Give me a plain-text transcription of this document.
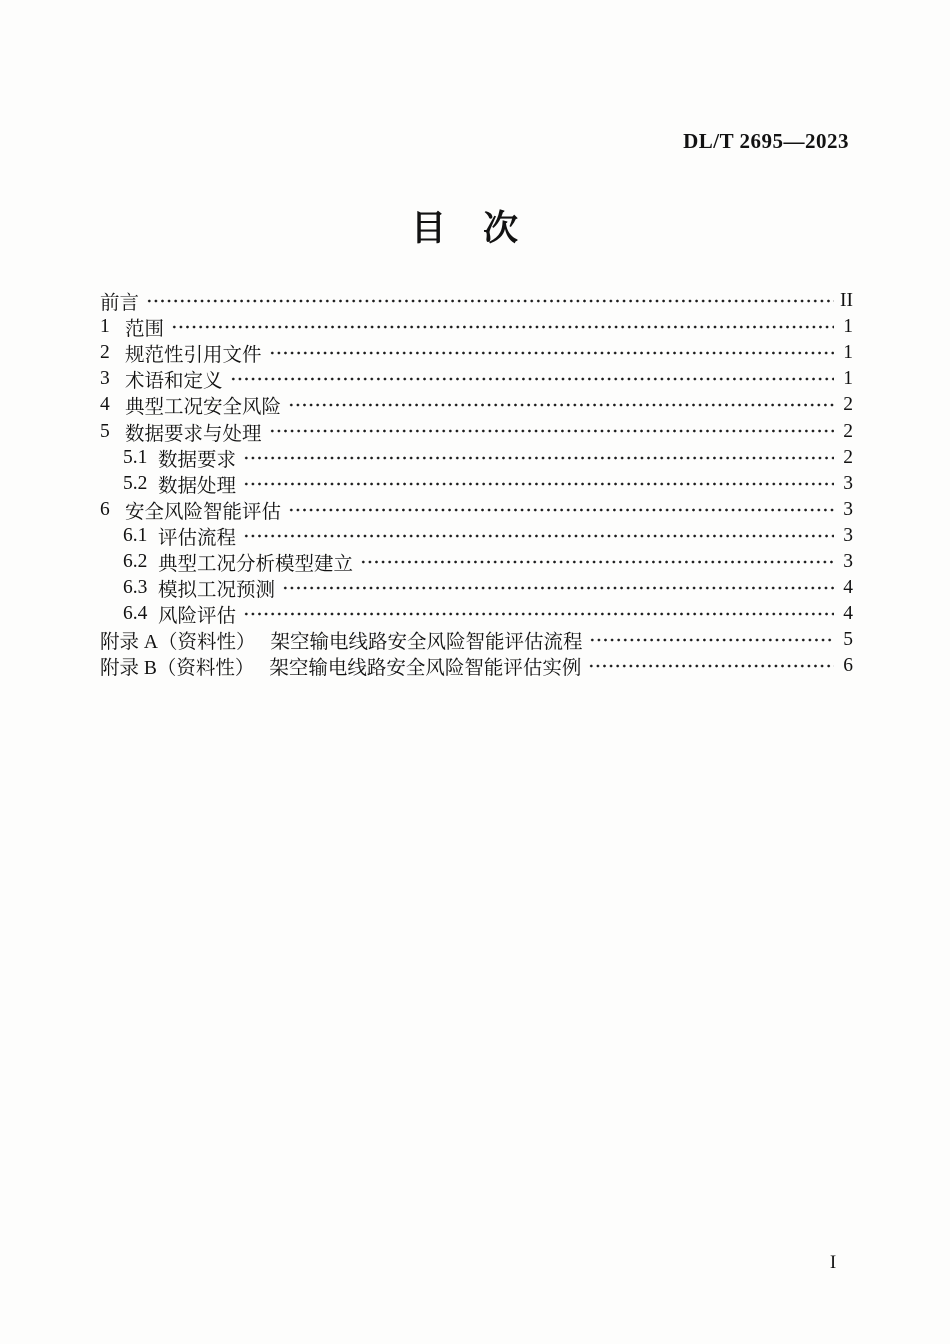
DL/T 2695—2023
目　次
前言	II
1 范围	1
2 规范性引用文件	1
3 术语和定义	1
4 典型工况安全风险	2
5 数据要求与处理	2
5.1 数据要求	2
5.2 数据处理	3
6 安全风险智能评估	3
6.1 评估流程	3
6.2 典型工况分析模型建立	3
6.3 模拟工况预测	4
6.4 风险评估	4
附录 A（资料性） 架空输电线路安全风险智能评估流程	5
附录 B（资料性） 架空输电线路安全风险智能评估实例	6
I
